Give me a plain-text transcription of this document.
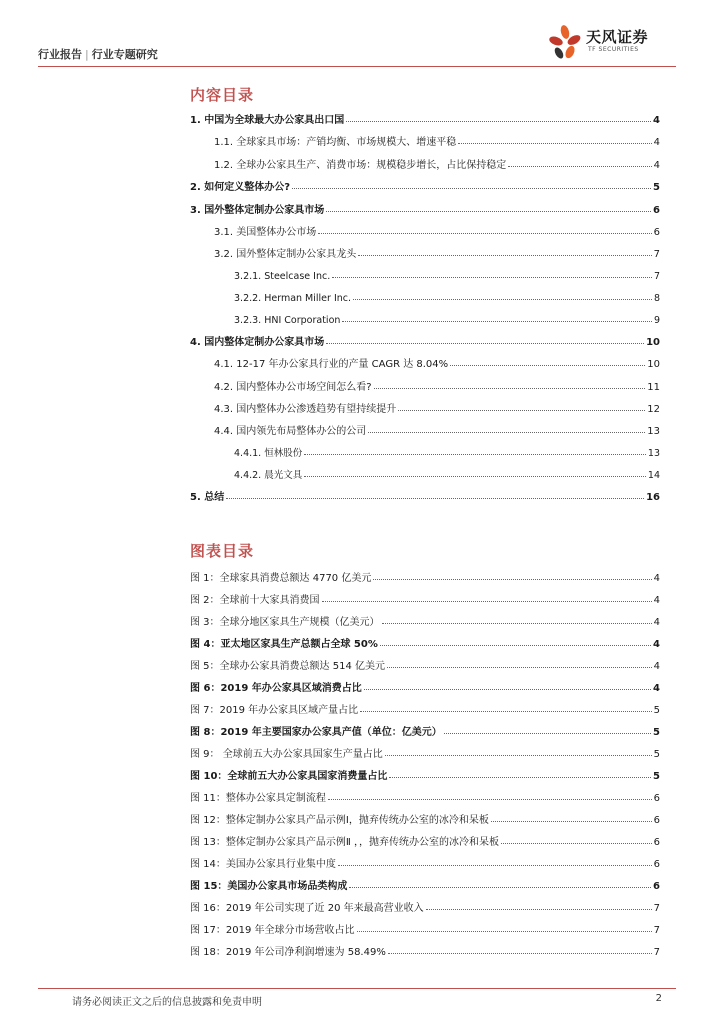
行业报告 | 行业专题研究
天风证券
TF SECURITIES
内容目录
1. 中国为全球最大办公家具出口国	4
1.1. 全球家具市场：产销均衡、市场规模大、增速平稳	4
1.2. 全球办公家具生产、消费市场：规模稳步增长，占比保持稳定	4
2. 如何定义整体办公?	5
3. 国外整体定制办公家具市场	6
3.1. 美国整体办公市场	6
3.2. 国外整体定制办公家具龙头	7
3.2.1. Steelcase Inc.	7
3.2.2. Herman Miller Inc.	8
3.2.3. HNI Corporation	9
4. 国内整体定制办公家具市场	10
4.1. 12-17 年办公家具行业的产量 CAGR 达 8.04%	10
4.2. 国内整体办公市场空间怎么看?	11
4.3. 国内整体办公渗透趋势有望持续提升	12
4.4. 国内领先布局整体办公的公司	13
4.4.1. 恒林股份	13
4.4.2. 晨光文具	14
5. 总结	16
图表目录
图 1：全球家具消费总额达 4770 亿美元	4
图 2：全球前十大家具消费国	4
图 3：全球分地区家具生产规模（亿美元）	4
图 4：亚太地区家具生产总额占全球 50%	4
图 5：全球办公家具消费总额达 514 亿美元	4
图 6：2019 年办公家具区域消费占比	4
图 7：2019 年办公家具区域产量占比	5
图 8：2019 年主要国家办公家具产值（单位：亿美元）	5
图 9： 全球前五大办公家具国家生产量占比	5
图 10：全球前五大办公家具国家消费量占比	5
图 11：整体办公家具定制流程	6
图 12：整体定制办公家具产品示例Ⅰ，抛弃传统办公室的冰冷和呆板	6
图 13：整体定制办公家具产品示例Ⅱ ，，抛弃传统办公室的冰冷和呆板	6
图 14：美国办公家具行业集中度	6
图 15：美国办公家具市场品类构成	6
图 16：2019 年公司实现了近 20 年来最高营业收入	7
图 17：2019 年全球分市场营收占比	7
图 18：2019 年公司净利润增速为 58.49%	7
请务必阅读正文之后的信息披露和免责申明	2
